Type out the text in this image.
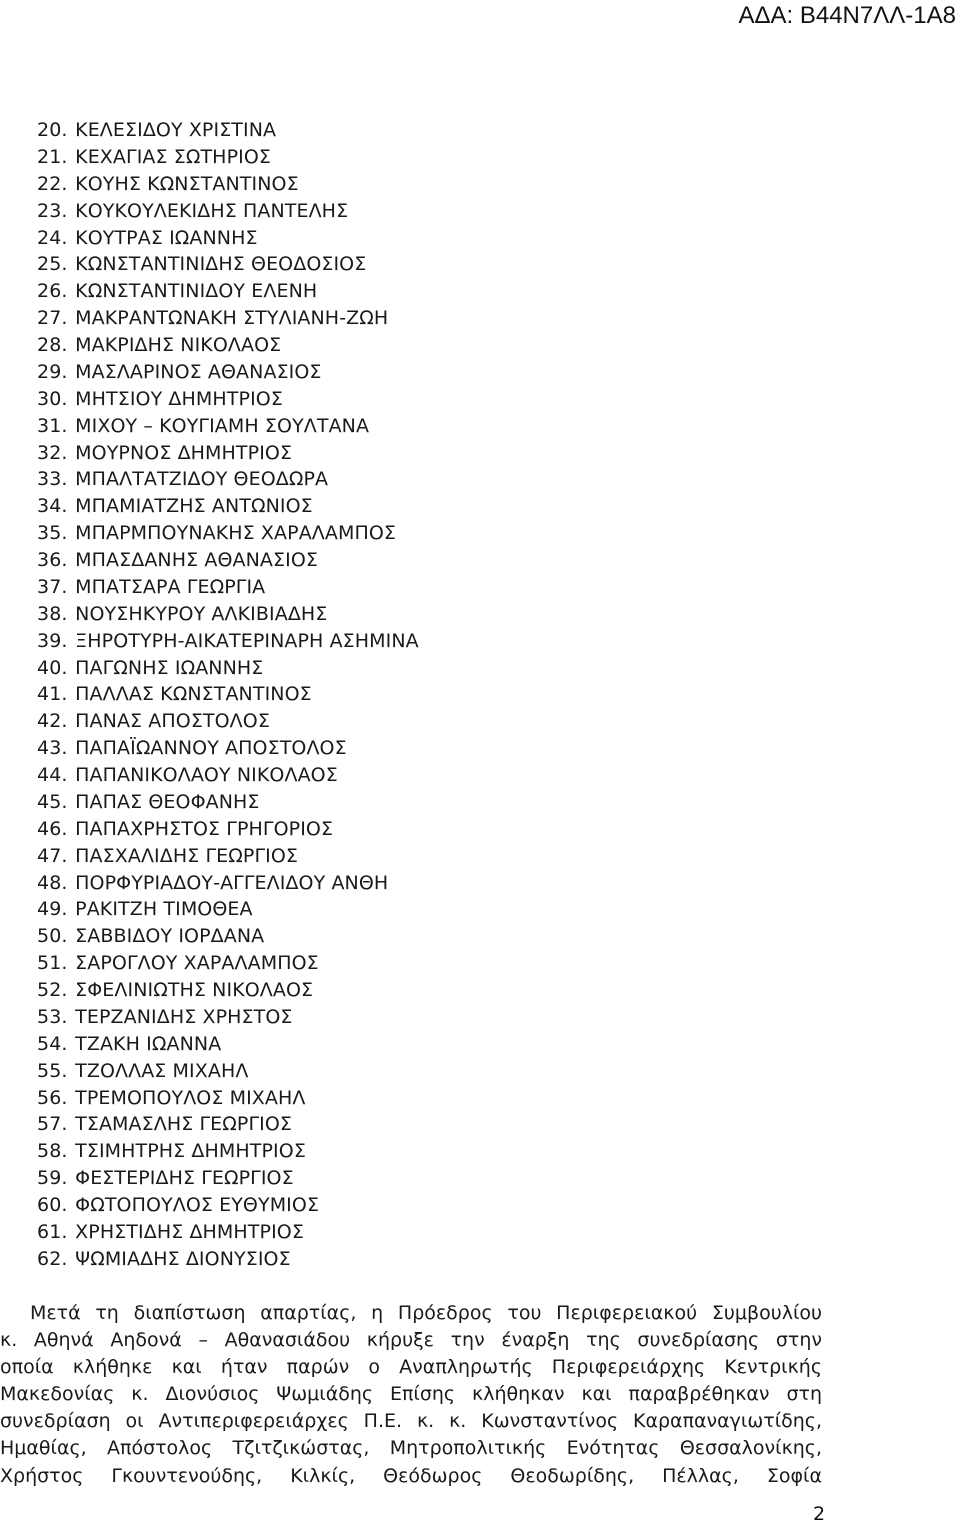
ΑΔΑ: Β44Ν7ΛΛ-1Α8
20. ΚΕΛΕΣΙΔΟΥ ΧΡΙΣΤΙΝΑ
21. ΚΕΧΑΓΙΑΣ ΣΩΤΗΡΙΟΣ
22. ΚΟΥΗΣ ΚΩΝΣΤΑΝΤΙΝΟΣ
23. ΚΟΥΚΟΥΛΕΚΙΔΗΣ ΠΑΝΤΕΛΗΣ
24. ΚΟΥΤΡΑΣ ΙΩΑΝΝΗΣ
25. ΚΩΝΣΤΑΝΤΙΝΙΔΗΣ ΘΕΟΔΟΣΙΟΣ
26. ΚΩΝΣΤΑΝΤΙΝΙΔΟΥ ΕΛΕΝΗ
27. ΜΑΚΡΑΝΤΩΝΑΚΗ ΣΤΥΛΙΑΝΗ-ΖΩΗ
28. ΜΑΚΡΙΔΗΣ ΝΙΚΟΛΑΟΣ
29. ΜΑΣΛΑΡΙΝΟΣ ΑΘΑΝΑΣΙΟΣ
30. ΜΗΤΣΙΟΥ ΔΗΜΗΤΡΙΟΣ
31. ΜΙΧΟΥ – ΚΟΥΓΙΑΜΗ ΣΟΥΛΤΑΝΑ
32. ΜΟΥΡΝΟΣ ΔΗΜΗΤΡΙΟΣ
33. ΜΠΑΛΤΑΤΖΙΔΟΥ ΘΕΟΔΩΡΑ
34. ΜΠΑΜΙΑΤΖΗΣ ΑΝΤΩΝΙΟΣ
35. ΜΠΑΡΜΠΟΥΝΑΚΗΣ ΧΑΡΑΛΑΜΠΟΣ
36. ΜΠΑΣΔΑΝΗΣ ΑΘΑΝΑΣΙΟΣ
37. ΜΠΑΤΣΑΡΑ ΓΕΩΡΓΙΑ
38. ΝΟΥΣΗΚΥΡΟΥ ΑΛΚΙΒΙΑΔΗΣ
39. ΞΗΡΟΤΥΡΗ-ΑΙΚΑΤΕΡΙΝΑΡΗ ΑΣΗΜΙΝΑ
40. ΠΑΓΩΝΗΣ ΙΩΑΝΝΗΣ
41. ΠΑΛΛΑΣ ΚΩΝΣΤΑΝΤΙΝΟΣ
42. ΠΑΝΑΣ ΑΠΟΣΤΟΛΟΣ
43. ΠΑΠΑΪΩΑΝΝΟΥ ΑΠΟΣΤΟΛΟΣ
44. ΠΑΠΑΝΙΚΟΛΑΟΥ ΝΙΚΟΛΑΟΣ
45. ΠΑΠΑΣ ΘΕΟΦΑΝΗΣ
46. ΠΑΠΑΧΡΗΣΤΟΣ ΓΡΗΓΟΡΙΟΣ
47. ΠΑΣΧΑΛΙΔΗΣ ΓΕΩΡΓΙΟΣ
48. ΠΟΡΦΥΡΙΑΔΟΥ-ΑΓΓΕΛΙΔΟΥ ΑΝΘΗ
49. ΡΑΚΙΤΖΗ ΤΙΜΟΘΕΑ
50. ΣΑΒΒΙΔΟΥ ΙΟΡΔΑΝΑ
51. ΣΑΡΟΓΛΟΥ ΧΑΡΑΛΑΜΠΟΣ
52. ΣΦΕΛΙΝΙΩΤΗΣ ΝΙΚΟΛΑΟΣ
53. ΤΕΡΖΑΝΙΔΗΣ ΧΡΗΣΤΟΣ
54. ΤΖΑΚΗ ΙΩΑΝΝΑ
55. ΤΖΟΛΛΑΣ ΜΙΧΑΗΛ
56. ΤΡΕΜΟΠΟΥΛΟΣ ΜΙΧΑΗΛ
57. ΤΣΑΜΑΣΛΗΣ ΓΕΩΡΓΙΟΣ
58. ΤΣΙΜΗΤΡΗΣ ΔΗΜΗΤΡΙΟΣ
59. ΦΕΣΤΕΡΙΔΗΣ ΓΕΩΡΓΙΟΣ
60. ΦΩΤΟΠΟΥΛΟΣ ΕΥΘΥΜΙΟΣ
61. ΧΡΗΣΤΙΔΗΣ ΔΗΜΗΤΡΙΟΣ
62. ΨΩΜΙΑΔΗΣ ΔΙΟΝΥΣΙΟΣ
Μετά τη διαπίστωση απαρτίας, η Πρόεδρος του Περιφερειακού Συμβουλίου
κ. Αθηνά Αηδονά – Αθανασιάδου κήρυξε την έναρξη της συνεδρίασης στην
οποία κλήθηκε και ήταν παρών ο Αναπληρωτής Περιφερειάρχης Κεντρικής
Μακεδονίας κ. Διονύσιος Ψωμιάδης Επίσης κλήθηκαν και παραβρέθηκαν στη
συνεδρίαση οι Αντιπεριφερειάρχες Π.Ε. κ. κ. Κωνσταντίνος Καραπαναγιωτίδης,
Ημαθίας, Απόστολος Τζιτζικώστας, Μητροπολιτικής Ενότητας Θεσσαλονίκης,
Χρήστος Γκουντενούδης, Κιλκίς, Θεόδωρος Θεοδωρίδης, Πέλλας, Σοφία
2
